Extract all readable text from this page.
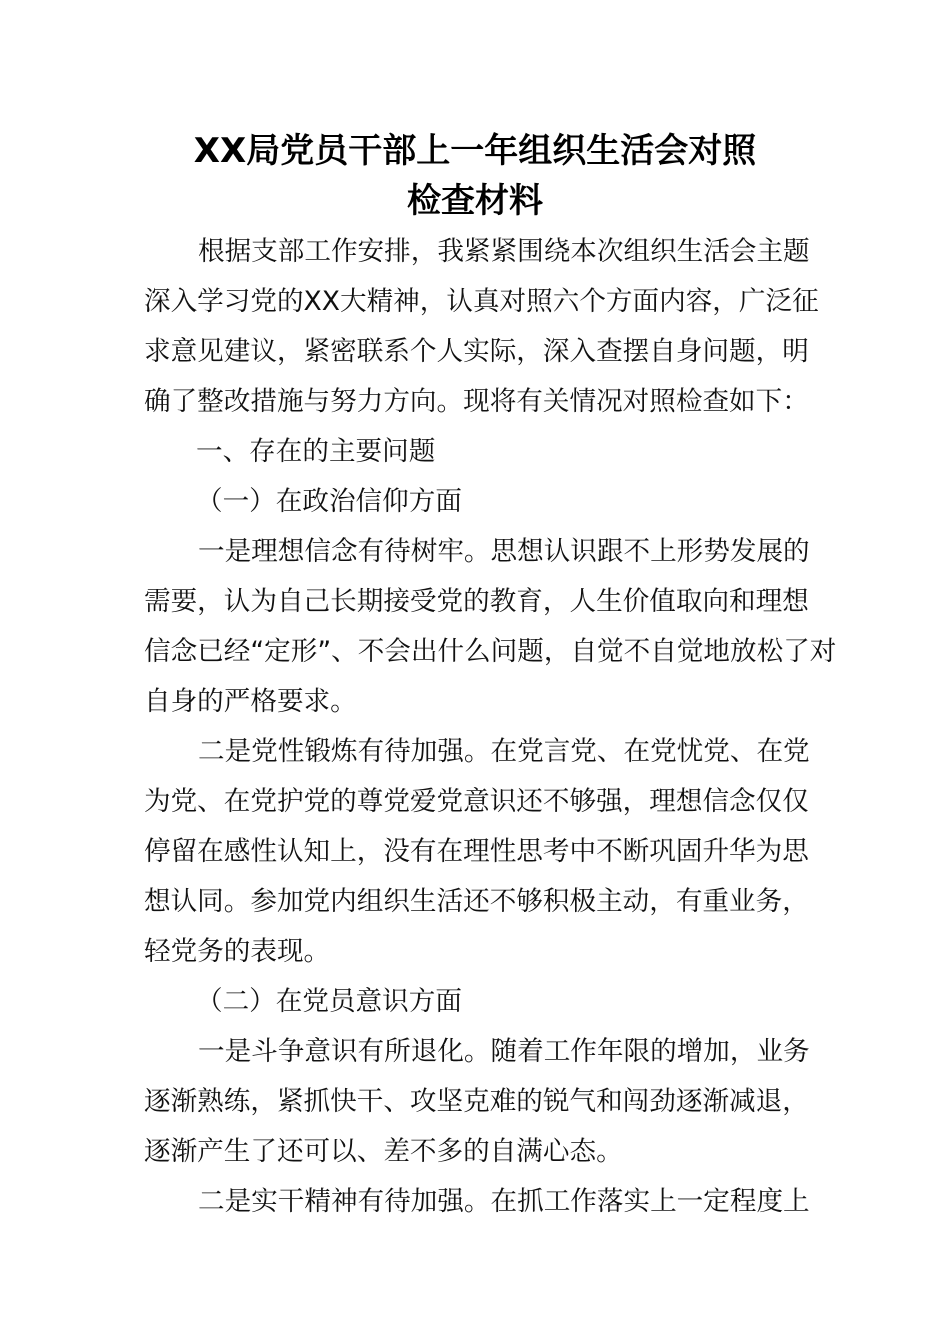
XX局党员干部上一年组织生活会对照
检查材料
根据支部工作安排，我紧紧围绕本次组织生活会主题
深入学习党的XX大精神，认真对照六个方面内容，广泛征
求意见建议，紧密联系个人实际，深入查摆自身问题，明
确了整改措施与努力方向。现将有关情况对照检查如下：
一、存在的主要问题
（一）在政治信仰方面
一是理想信念有待树牢。思想认识跟不上形势发展的
需要，认为自己长期接受党的教育，人生价值取向和理想
信念已经“定形”、不会出什么问题，自觉不自觉地放松了对
自身的严格要求。
二是党性锻炼有待加强。在党言党、在党忧党、在党
为党、在党护党的尊党爱党意识还不够强，理想信念仅仅
停留在感性认知上，没有在理性思考中不断巩固升华为思
想认同。参加党内组织生活还不够积极主动，有重业务，
轻党务的表现。
（二）在党员意识方面
一是斗争意识有所退化。随着工作年限的增加，业务
逐渐熟练，紧抓快干、攻坚克难的锐气和闯劲逐渐减退，
逐渐产生了还可以、差不多的自满心态。
二是实干精神有待加强。在抓工作落实上一定程度上
